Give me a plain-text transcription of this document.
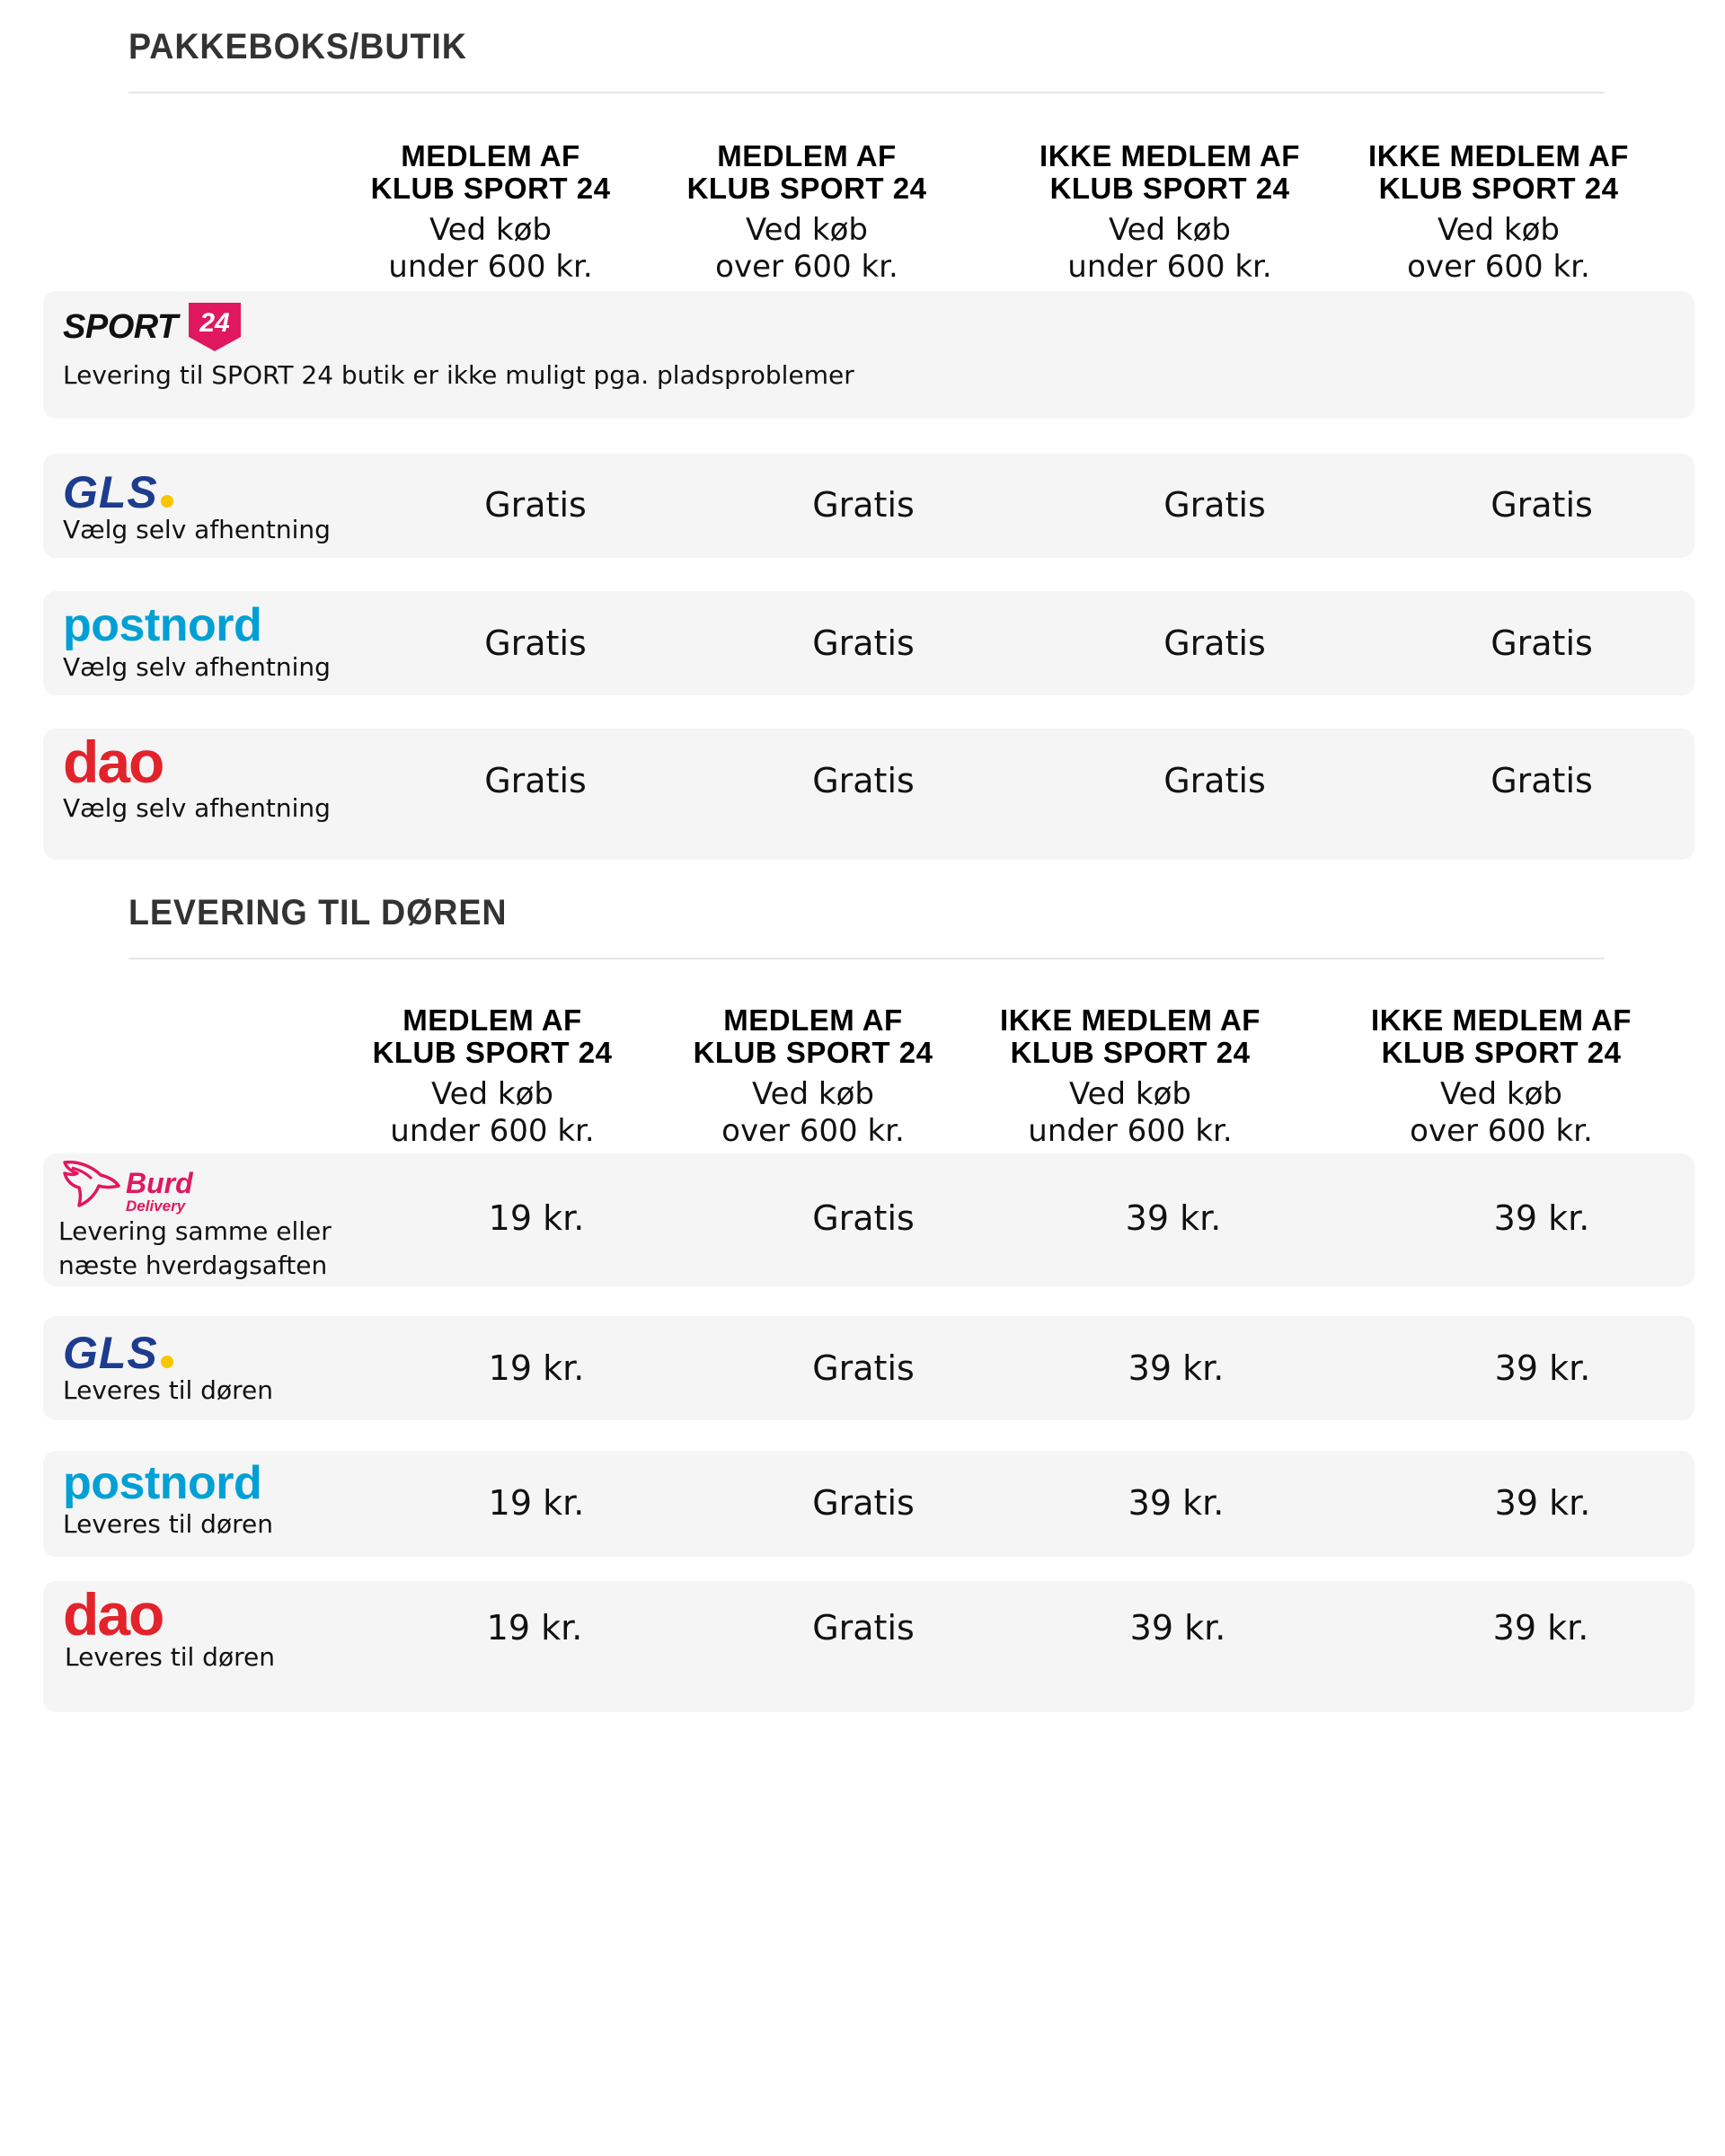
PAKKEBOKS/BUTIK
MEDLEM AF
KLUB SPORT 24
Ved køb
under 600 kr.
MEDLEM AF
KLUB SPORT 24
Ved køb
over 600 kr.
IKKE MEDLEM AF
KLUB SPORT 24
Ved køb
under 600 kr.
IKKE MEDLEM AF
KLUB SPORT 24
Ved køb
over 600 kr.
SPORT 24
Levering til SPORT 24 butik er ikke muligt pga. pladsproblemer
GLS
Vælg selv afhentning
Gratis	Gratis	Gratis	Gratis
postnord
Vælg selv afhentning
Gratis	Gratis	Gratis	Gratis
dao
Vælg selv afhentning
Gratis	Gratis	Gratis	Gratis
LEVERING TIL DØREN
MEDLEM AF
KLUB SPORT 24
Ved køb
under 600 kr.
MEDLEM AF
KLUB SPORT 24
Ved køb
over 600 kr.
IKKE MEDLEM AF
KLUB SPORT 24
Ved køb
under 600 kr.
IKKE MEDLEM AF
KLUB SPORT 24
Ved køb
over 600 kr.
Burd
Delivery
Levering samme eller
næste hverdagsaften
19 kr.	Gratis	39 kr.	39 kr.
GLS
Leveres til døren
19 kr.	Gratis	39 kr.	39 kr.
postnord
Leveres til døren
19 kr.	Gratis	39 kr.	39 kr.
dao
Leveres til døren
19 kr.	Gratis	39 kr.	39 kr.
